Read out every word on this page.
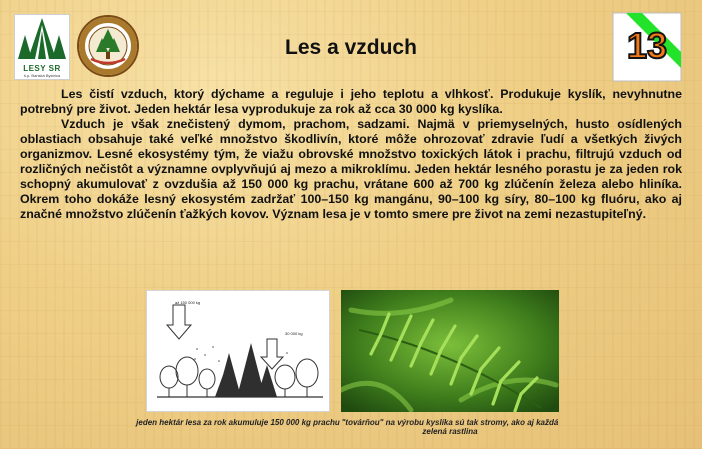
LESY SR
š.p. Banská Bystrica
Les a vzduch	13

Les čistí vzduch, ktorý dýchame a reguluje i jeho teplotu a vlhkosť. Produkuje kyslík, nevyhnutne potrebný pre život. Jeden hektár lesa vyprodukuje za rok až cca 30 000 kg kyslíka.

Vzduch je však znečistený dymom, prachom, sadzami. Najmä v priemyselných, husto osídlených oblastiach obsahuje také veľké množstvo škodlivín, ktoré môže ohrozovať zdravie ľudí a všetkých živých organizmov. Lesné ekosystémy tým, že viažu obrovské množstvo toxických látok i prachu, filtrujú vzduch od rozličných nečistôt a významne ovplyvňujú aj mezo a mikroklímu. Jeden hektár lesného porastu je za jeden rok schopný akumulovať z ovzdušia až 150 000 kg prachu, vrátane 600 až 700 kg zlúčenín železa alebo hliníka. Okrem toho dokáže lesný ekosystém zadržať 100–150 kg mangánu, 90–100 kg síry, 80–100 kg fluóru, ako aj značné množstvo zlúčenín ťažkých kovov. Význam lesa je v tomto smere pre život na zemi nezastupiteľný.

až 150 000 kg
30 000 kg
jeden hektár lesa za rok akumuluje 150 000 kg prachu "továrňou" na výrobu kyslíka sú tak stromy, ako aj každá zelená rastlina
